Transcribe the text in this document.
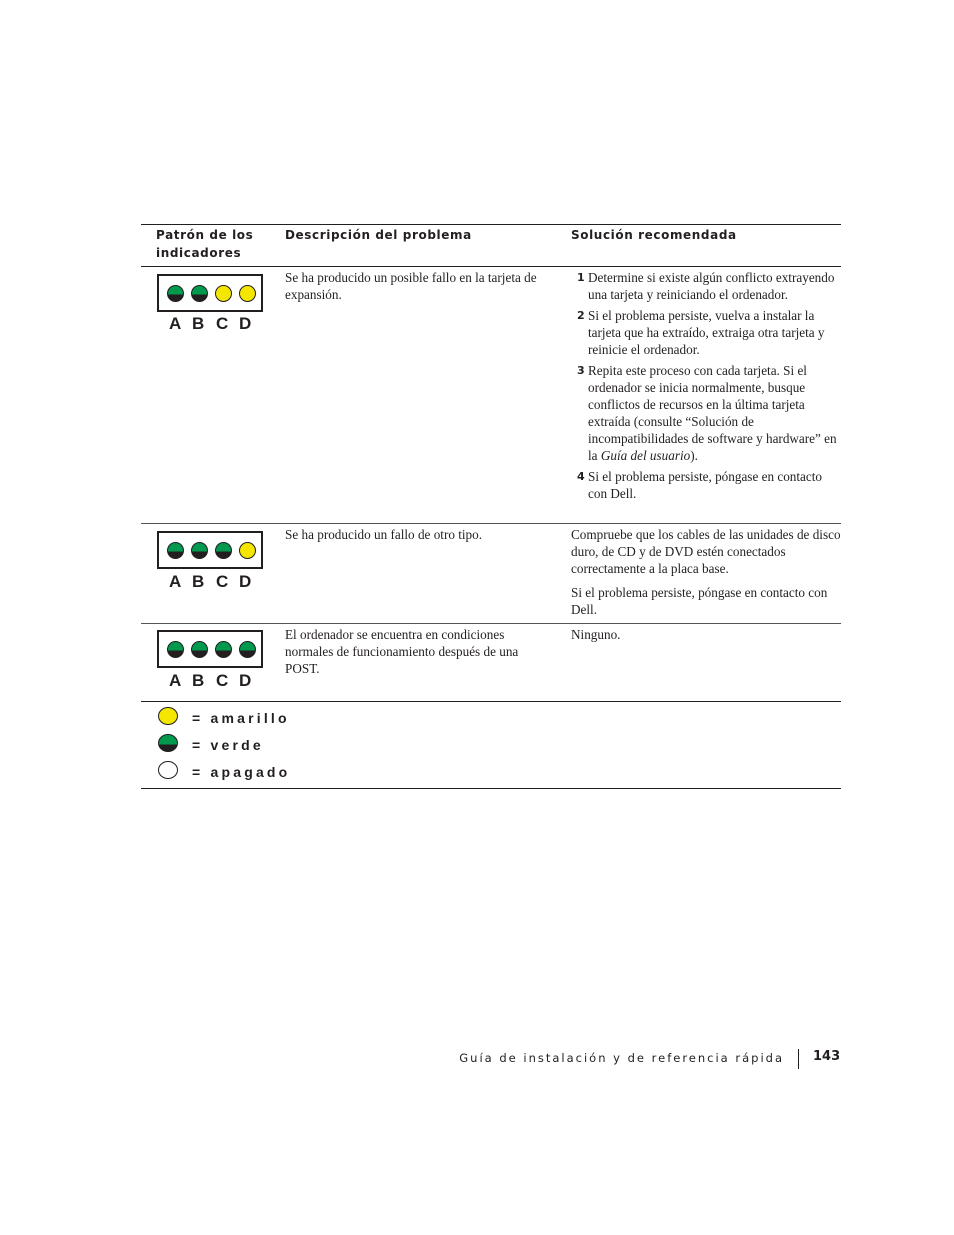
Patrón de los indicadores
Descripción del problema	Solución recomendada
A B C D
Se ha producido un posible fallo en la tarjeta de expansión.
1 Determine si existe algún conflicto extrayendo una tarjeta y reiniciando el ordenador.
2 Si el problema persiste, vuelva a instalar la tarjeta que ha extraído, extraiga otra tarjeta y reinicie el ordenador.
3 Repita este proceso con cada tarjeta. Si el ordenador se inicia normalmente, busque conflictos de recursos en la última tarjeta extraída (consulte “Solución de incompatibilidades de software y hardware” en la Guía del usuario).
4 Si el problema persiste, póngase en contacto con Dell.
A B C D
Se ha producido un fallo de otro tipo.	Compruebe que los cables de las unidades de disco duro, de CD y de DVD estén conectados correctamente a la placa base.

Si el problema persiste, póngase en contacto con Dell.

A B C D
El ordenador se encuentra en condiciones normales de funcionamiento después de una POST.

Ninguno.

= amarillo
= verde
= apagado
Guía de instalación y de referencia rápida 143
